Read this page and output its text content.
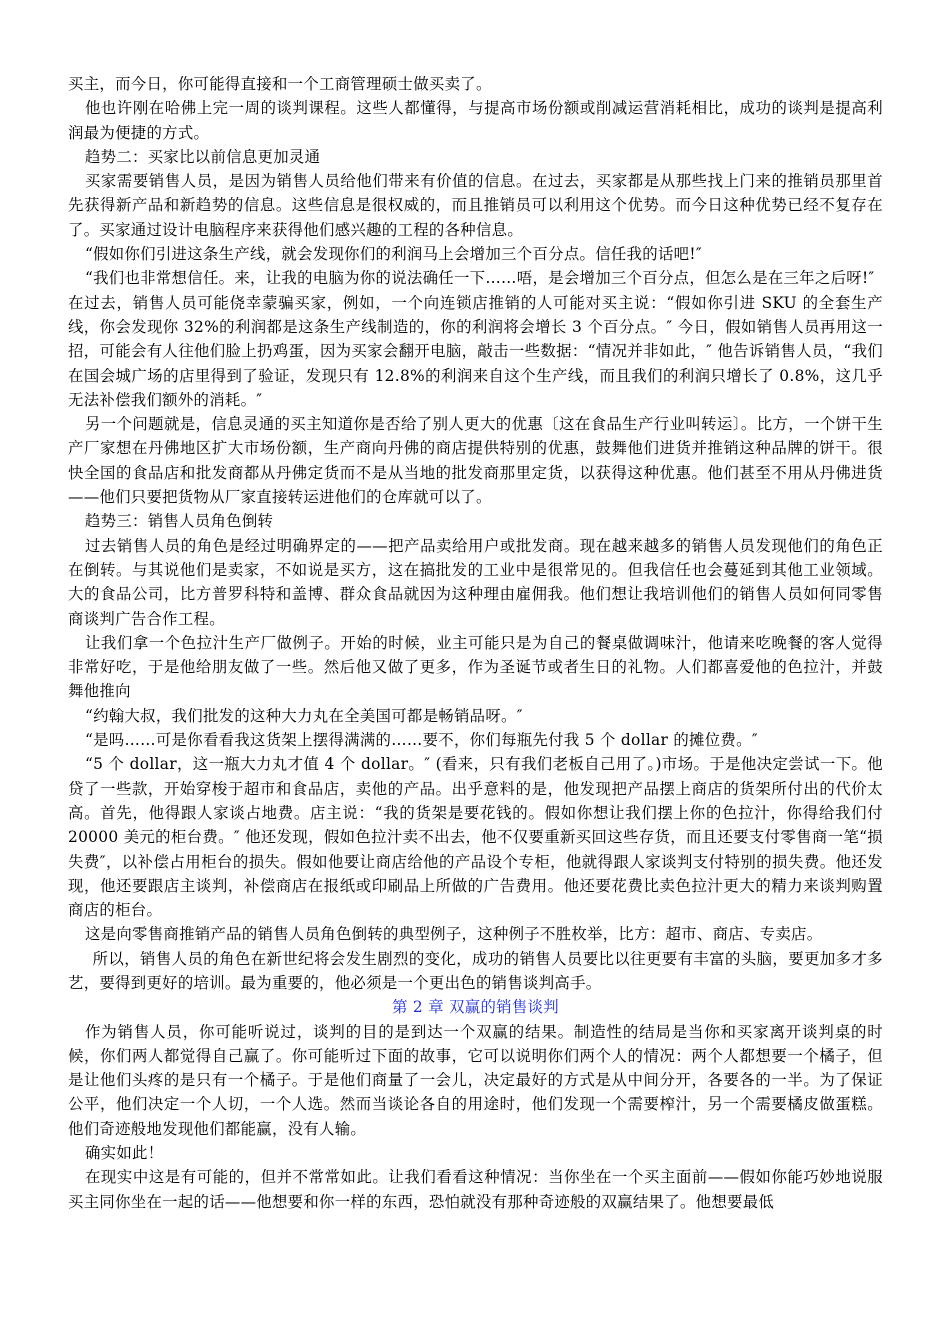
买主，而今日，你可能得直接和一个工商管理硕士做买卖了。

他也许刚在哈佛上完一周的谈判课程。这些人都懂得，与提高市场份额或削减运营消耗相比，成功的谈判是提高利润最为便捷的方式。

趋势二：买家比以前信息更加灵通

买家需要销售人员，是因为销售人员给他们带来有价值的信息。在过去，买家都是从那些找上门来的推销员那里首先获得新产品和新趋势的信息。这些信息是很权威的，而且推销员可以利用这个优势。而今日这种优势已经不复存在了。买家通过设计电脑程序来获得他们感兴趣的工程的各种信息。

“假如你们引进这条生产线，就会发现你们的利润马上会增加三个百分点。信任我的话吧!″

“我们也非常想信任。来，让我的电脑为你的说法确任一下……唔，是会增加三个百分点，但怎么是在三年之后呀!″

在过去，销售人员可能侥幸蒙骗买家，例如，一个向连锁店推销的人可能对买主说：“假如你引进 SKU 的全套生产线，你会发现你 32%的利润都是这条生产线制造的，你的利润将会增长 3 个百分点。″ 今日，假如销售人员再用这一招，可能会有人往他们脸上扔鸡蛋，因为买家会翻开电脑，敲击一些数据：“情况并非如此，″ 他告诉销售人员，“我们在国会城广场的店里得到了验证，发现只有 12.8%的利润来自这个生产线，而且我们的利润只增长了 0.8%，这几乎无法补偿我们额外的消耗。″

另一个问题就是，信息灵通的买主知道你是否给了别人更大的优惠〔这在食品生产行业叫转运〕。比方，一个饼干生产厂家想在丹佛地区扩大市场份额，生产商向丹佛的商店提供特别的优惠，鼓舞他们进货并推销这种品牌的饼干。很快全国的食品店和批发商都从丹佛定货而不是从当地的批发商那里定货，以获得这种优惠。他们甚至不用从丹佛进货——他们只要把货物从厂家直接转运进他们的仓库就可以了。

趋势三：销售人员角色倒转

过去销售人员的角色是经过明确界定的——把产品卖给用户或批发商。现在越来越多的销售人员发现他们的角色正在倒转。与其说他们是卖家，不如说是买方，这在搞批发的工业中是很常见的。但我信任也会蔓延到其他工业领域。大的食品公司，比方普罗科特和盖博、群众食品就因为这种理由雇佣我。他们想让我培训他们的销售人员如何同零售商谈判广告合作工程。

让我们拿一个色拉汁生产厂做例子。开始的时候，业主可能只是为自己的餐桌做调味汁，他请来吃晚餐的客人觉得非常好吃，于是他给朋友做了一些。然后他又做了更多，作为圣诞节或者生日的礼物。人们都喜爱他的色拉汁，并鼓舞他推向

“约翰大叔，我们批发的这种大力丸在全美国可都是畅销品呀。″

“是吗……可是你看看我这货架上摆得满满的……要不，你们每瓶先付我 5 个 dollar 的摊位费。″

“5 个 dollar，这一瓶大力丸才值 4 个 dollar。″ (看来，只有我们老板自己用了。)市场。于是他决定尝试一下。他贷了一些款，开始穿梭于超市和食品店，卖他的产品。出乎意料的是，他发现把产品摆上商店的货架所付出的代价太高。首先，他得跟人家谈占地费。店主说：“我的货架是要花钱的。假如你想让我们摆上你的色拉汁，你得给我们付 20000 美元的柜台费。″ 他还发现，假如色拉汁卖不出去，他不仅要重新买回这些存货，而且还要支付零售商一笔“损失费″，以补偿占用柜台的损失。假如他要让商店给他的产品设个专柜，他就得跟人家谈判支付特别的损失费。他还发现，他还要跟店主谈判，补偿商店在报纸或印刷品上所做的广告费用。他还要花费比卖色拉汁更大的精力来谈判购置商店的柜台。

这是向零售商推销产品的销售人员角色倒转的典型例子，这种例子不胜枚举，比方：超市、商店、专卖店。

所以，销售人员的角色在新世纪将会发生剧烈的变化，成功的销售人员要比以往更要有丰富的头脑，要更加多才多艺，要得到更好的培训。最为重要的，他必须是一个更出色的销售谈判高手。

第 2 章 双赢的销售谈判

作为销售人员，你可能听说过，谈判的目的是到达一个双赢的结果。制造性的结局是当你和买家离开谈判桌的时候，你们两人都觉得自己赢了。你可能听过下面的故事，它可以说明你们两个人的情况：两个人都想要一个橘子，但是让他们头疼的是只有一个橘子。于是他们商量了一会儿，决定最好的方式是从中间分开，各要各的一半。为了保证公平，他们决定一个人切，一个人选。然而当谈论各自的用途时，他们发现一个需要榨汁，另一个需要橘皮做蛋糕。他们奇迹般地发现他们都能赢，没有人输。

确实如此！

在现实中这是有可能的，但并不常常如此。让我们看看这种情况：当你坐在一个买主面前——假如你能巧妙地说服买主同你坐在一起的话——他想要和你一样的东西，恐怕就没有那种奇迹般的双赢结果了。他想要最低
